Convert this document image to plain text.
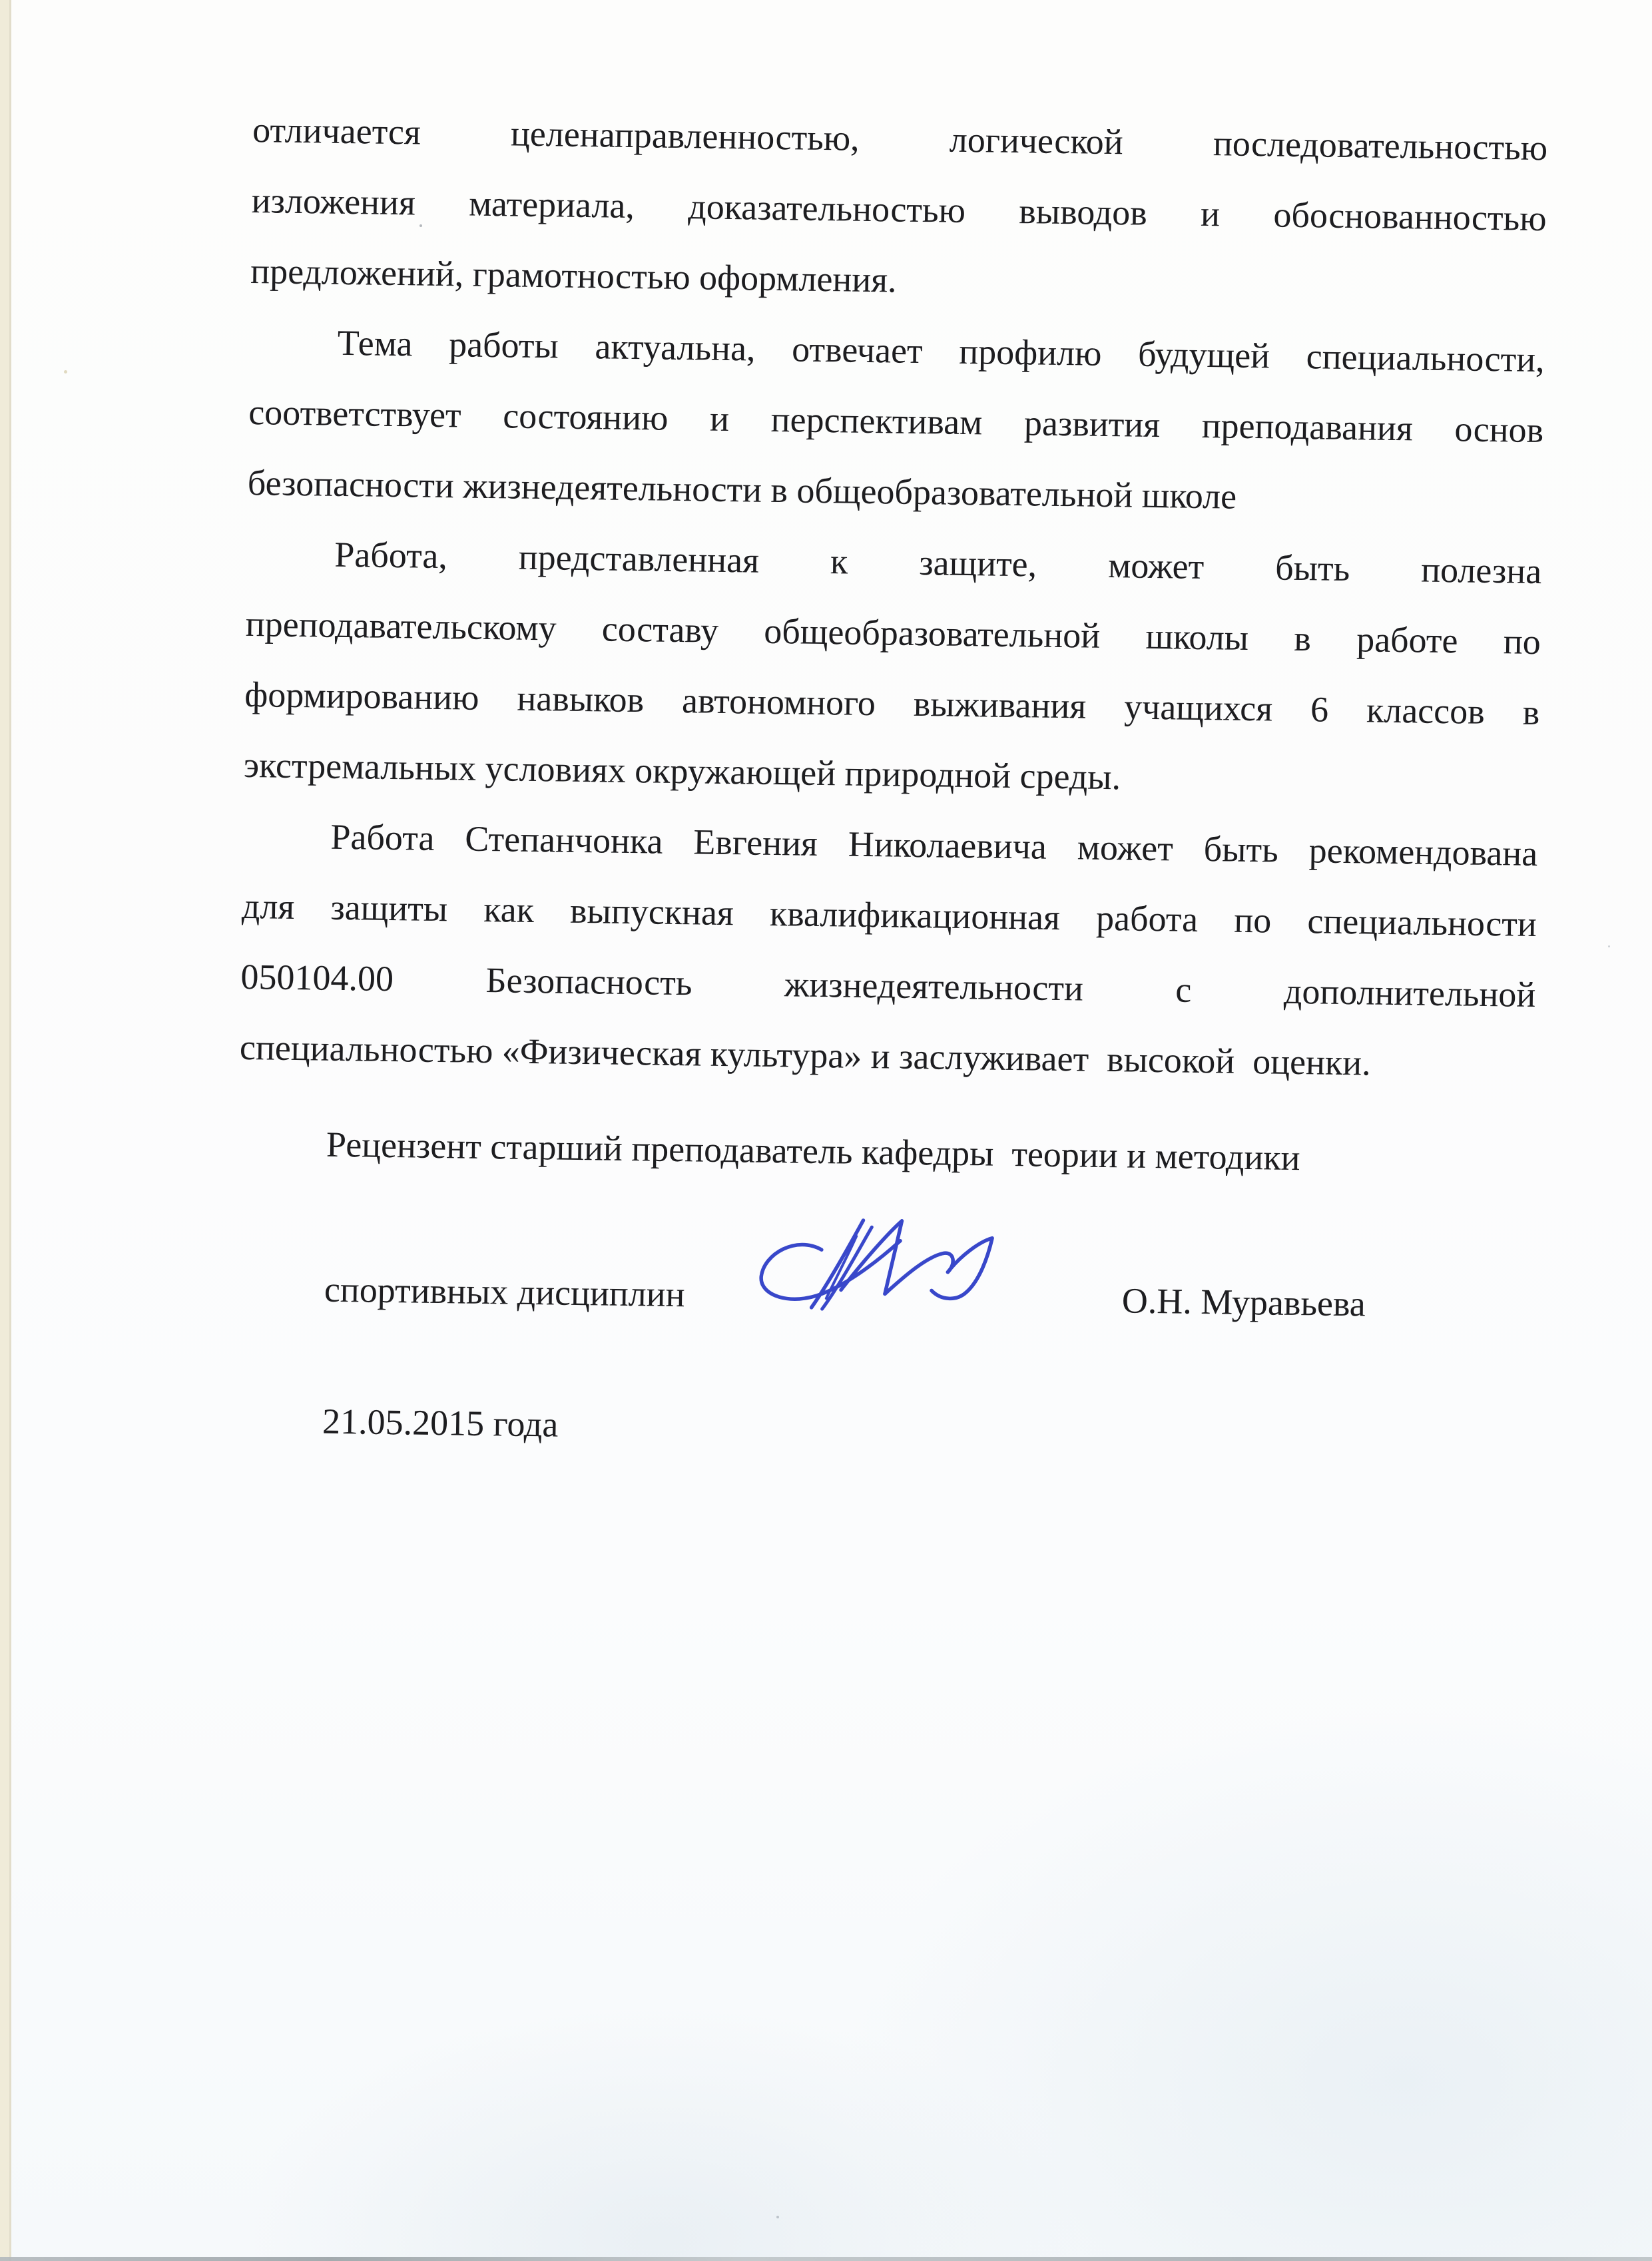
отличается целенаправленностью, логической последовательностью
изложения материала, доказательностью выводов и обоснованностью
предложений, грамотностью оформления.
Тема работы актуальна, отвечает профилю будущей специальности,
соответствует состоянию и перспективам развития преподавания основ
безопасности жизнедеятельности в общеобразовательной школе
Работа, представленная к защите, может быть полезна
преподавательскому составу общеобразовательной школы в работе по
формированию навыков автономного выживания учащихся 6 классов в
экстремальных условиях окружающей природной среды.
Работа Степанчонка Евгения Николаевича может быть рекомендована
для защиты как выпускная квалификационная работа по специальности
050104.00 Безопасность жизнедеятельности с дополнительной
специальностью «Физическая культура» и заслуживает  высокой  оценки.
Рецензент старший преподаватель кафедры  теории и методики
спортивных дисциплин	О.Н. Муравьева
21.05.2015 года
